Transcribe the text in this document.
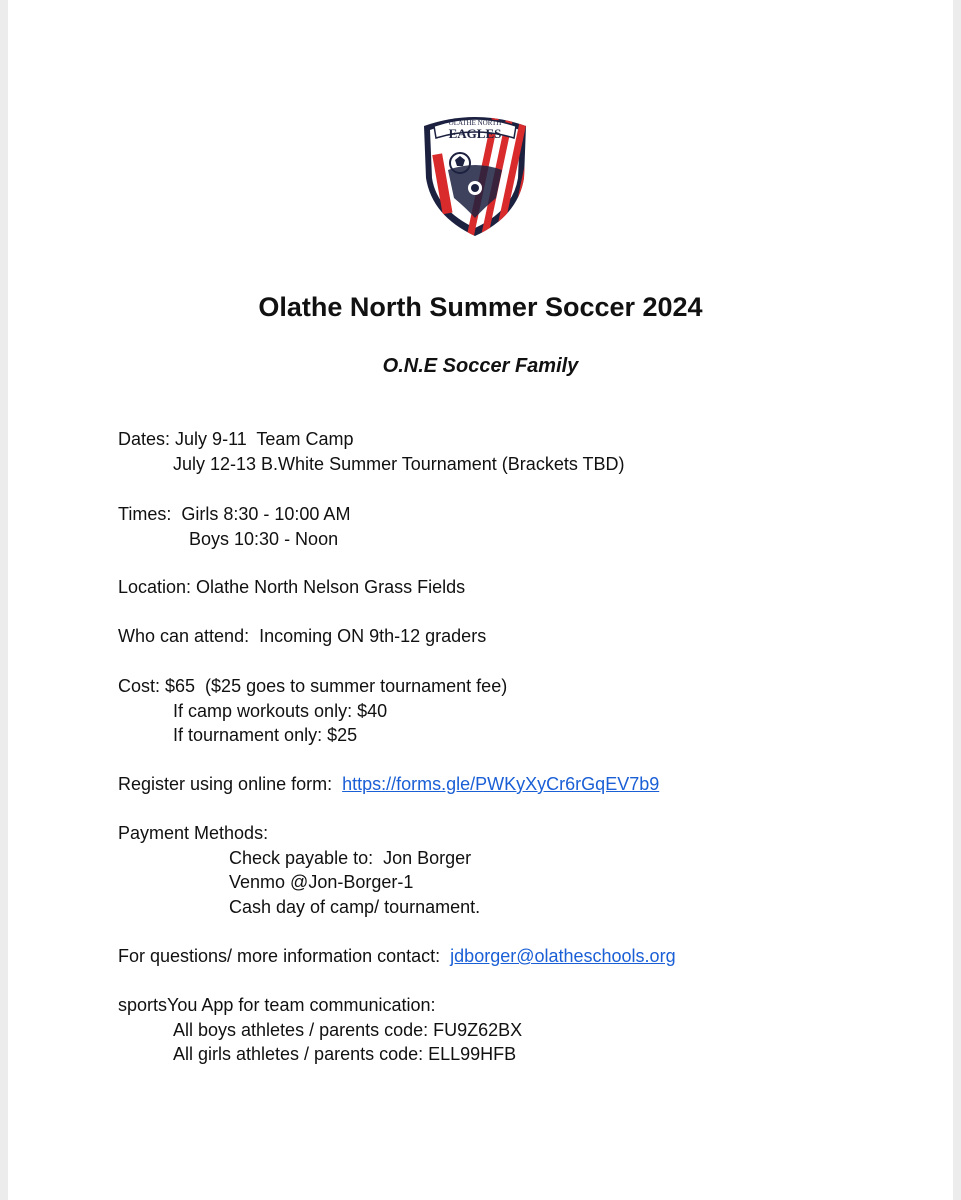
OLATHE NORTH
EAGLES
Olathe North Summer Soccer 2024
O.N.E Soccer Family
Dates: July 9-11  Team Camp
July 12-13 B.White Summer Tournament (Brackets TBD)
Times: Girls 8:30 - 10:00 AM
Boys 10:30 - Noon
Location: Olathe North Nelson Grass Fields
Who can attend:  Incoming ON 9th-12 graders
Cost: $65  ($25 goes to summer tournament fee)
If camp workouts only: $40
If tournament only: $25
Register using online form: https://forms.gle/PWKyXyCr6rGqEV7b9
Payment Methods:
Check payable to:  Jon Borger
Venmo @Jon-Borger-1
Cash day of camp/ tournament.
For questions/ more information contact: jdborger@olatheschools.org
sportsYou App for team communication:
All boys athletes / parents code: FU9Z62BX
All girls athletes / parents code: ELL99HFB
